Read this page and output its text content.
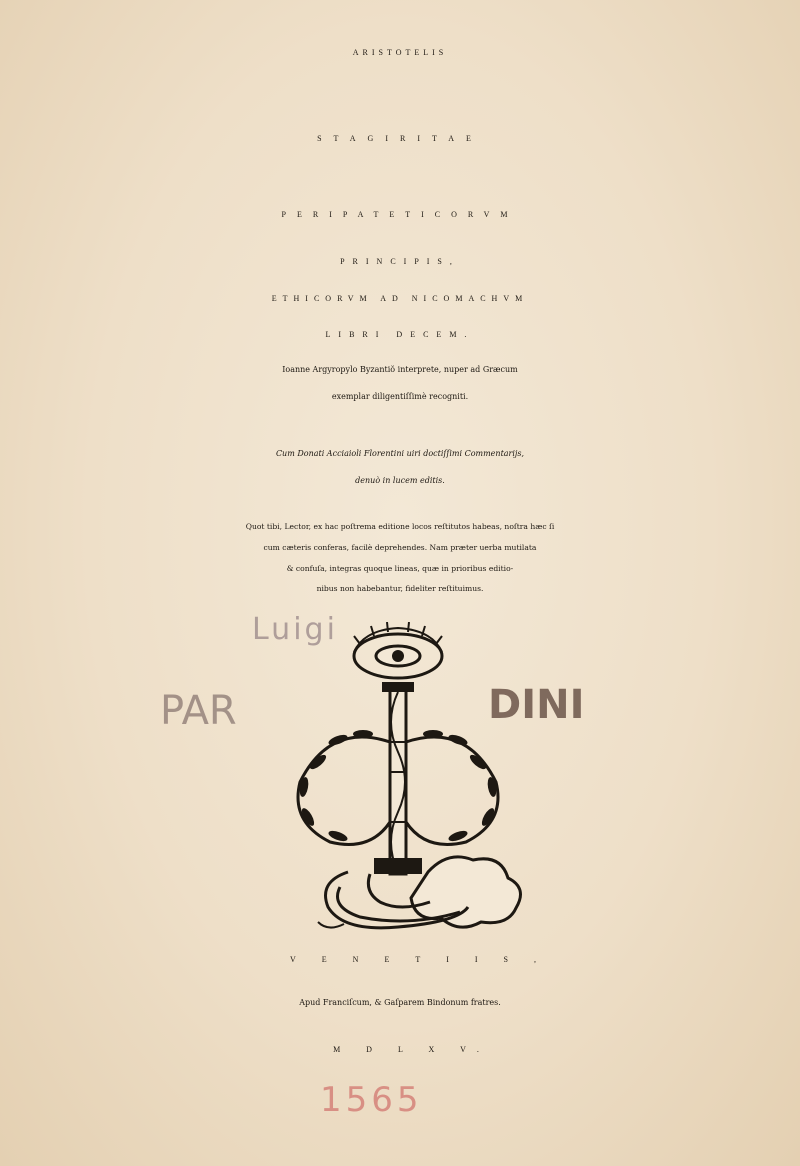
ARISTOTELIS
STAGIRITAE
PERIPATETICORVM
PRINCIPIS,
ETHICORVM AD NICOMACHVM
LIBRI DECEM.
Ioanne Argyropylo Byzantiŏ interprete, nuper ad Græcum
exemplar diligentiſſimè recogniti.
Cum Donati Acciaioli Florentini uiri doctiſſimi Commentarijs,
denuò in lucem editis.
Quot tibi, Lector, ex hac poſtrema editione locos reſtitutos habeas, noſtra hæc ſi
cum cæteris conferas, facilè deprehendes. Nam præter uerba mutilata
& confuſa, integras quoque lineas, quæ in prioribus editio-
nibus non habebantur, fideliter reſtituimus.
Luigi
PAR	DINI
VENETIIS,
Apud Franciſcum, & Gaſparem Bindonum fratres.
M D L X V.
1565
